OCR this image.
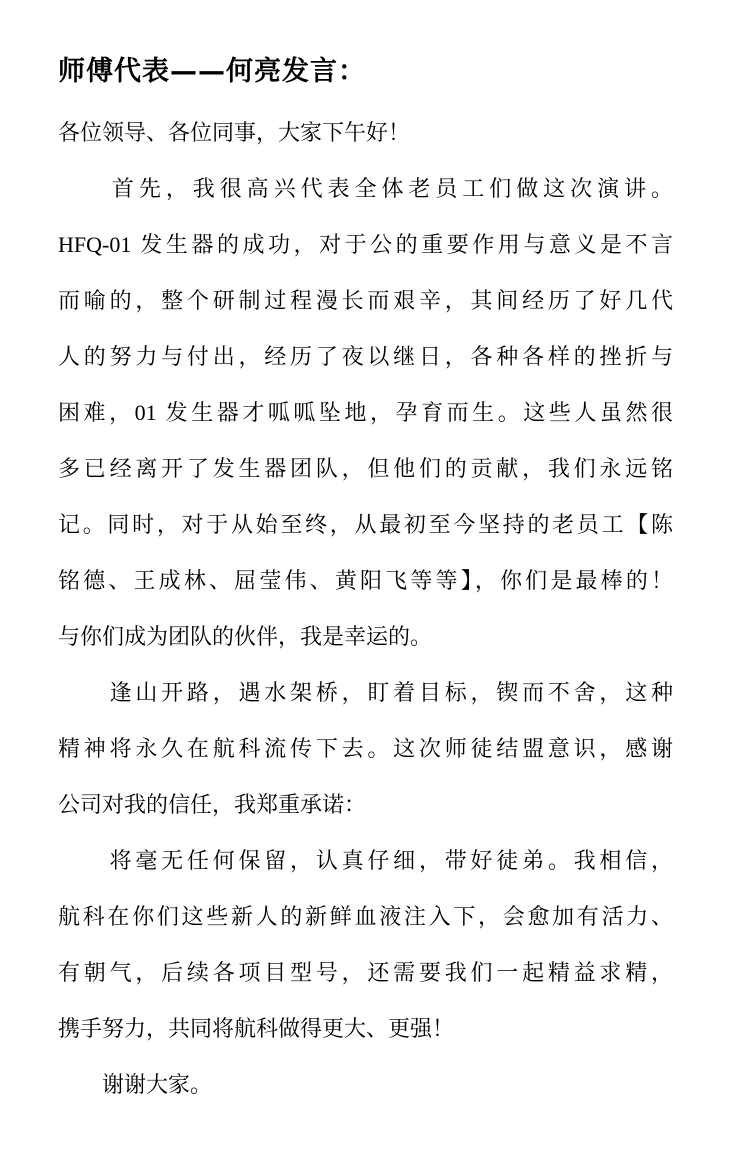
师傅代表——何亮发言：
各位领导、各位同事，大家下午好！
　　首先，我很高兴代表全体老员工们做这次演讲。
HFQ-01 发生器的成功，对于公的重要作用与意义是不言
而喻的，整个研制过程漫长而艰辛，其间经历了好几代
人的努力与付出，经历了夜以继日，各种各样的挫折与
困难，01 发生器才呱呱坠地，孕育而生。这些人虽然很
多已经离开了发生器团队，但他们的贡献，我们永远铭
记。同时，对于从始至终，从最初至今坚持的老员工【陈
铭德、王成林、屈莹伟、黄阳飞等等】，你们是最棒的！
与你们成为团队的伙伴，我是幸运的。
　　逢山开路，遇水架桥，盯着目标，锲而不舍，这种
精神将永久在航科流传下去。这次师徒结盟意识，感谢
公司对我的信任，我郑重承诺：
　　将毫无任何保留，认真仔细，带好徒弟。我相信，
航科在你们这些新人的新鲜血液注入下，会愈加有活力、
有朝气，后续各项目型号，还需要我们一起精益求精，
携手努力，共同将航科做得更大、更强！
　　谢谢大家。
